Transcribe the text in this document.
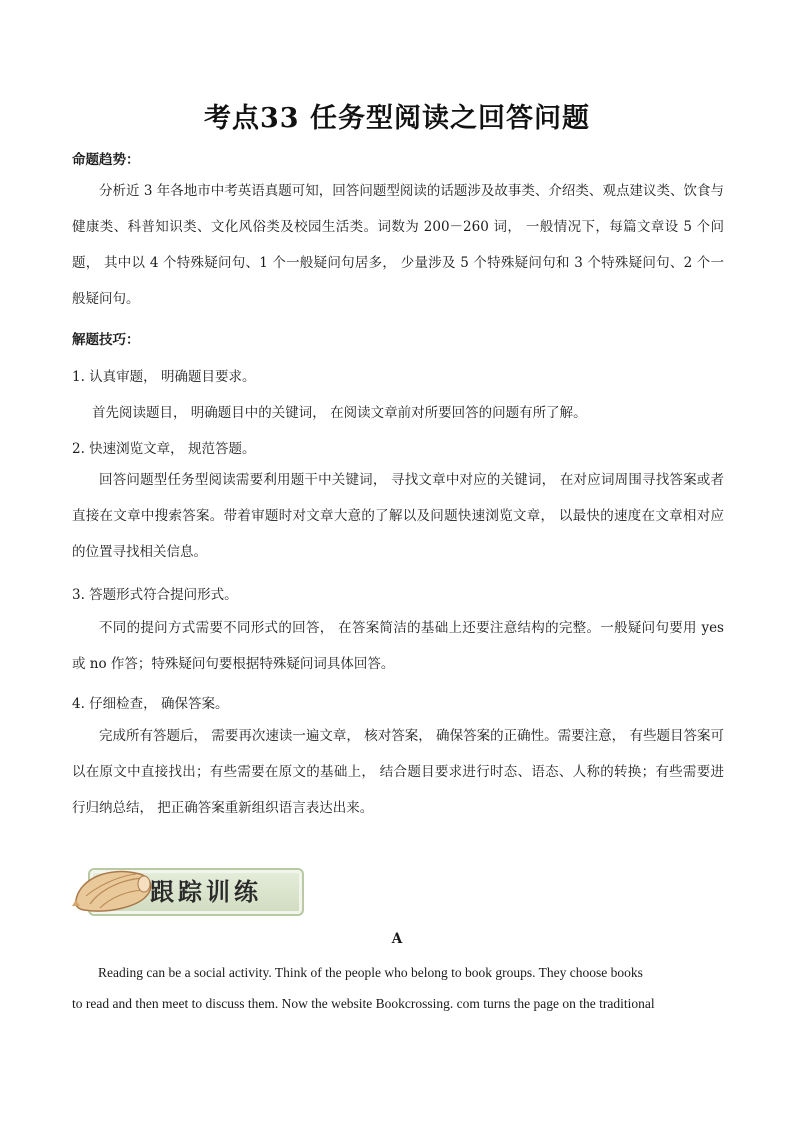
考点33 任务型阅读之回答问题
命题趋势：
分析近 3 年各地市中考英语真题可知，回答问题型阅读的话题涉及故事类、介绍类、观点建议类、饮食与健康类、科普知识类、文化风俗类及校园生活类。词数为 200－260 词， 一般情况下，每篇文章设 5 个问题， 其中以 4 个特殊疑问句、1 个一般疑问句居多， 少量涉及 5 个特殊疑问句和 3 个特殊疑问句、2 个一般疑问句。
解题技巧：
1. 认真审题， 明确题目要求。
首先阅读题目， 明确题目中的关键词， 在阅读文章前对所要回答的问题有所了解。
2. 快速浏览文章， 规范答题。
回答问题型任务型阅读需要利用题干中关键词， 寻找文章中对应的关键词， 在对应词周围寻找答案或者直接在文章中搜索答案。带着审题时对文章大意的了解以及问题快速浏览文章， 以最快的速度在文章相对应的位置寻找相关信息。
3. 答题形式符合提问形式。
不同的提问方式需要不同形式的回答， 在答案简洁的基础上还要注意结构的完整。一般疑问句要用 yes 或 no 作答；特殊疑问句要根据特殊疑问词具体回答。
4. 仔细检查， 确保答案。
完成所有答题后， 需要再次速读一遍文章， 核对答案， 确保答案的正确性。需要注意， 有些题目答案可以在原文中直接找出；有些需要在原文的基础上， 结合题目要求进行时态、语态、人称的转换；有些需要进行归纳总结， 把正确答案重新组织语言表达出来。
跟踪训练
A
Reading can be a social activity. Think of the people who belong to book groups. They choose books
to read and then meet to discuss them. Now the website Bookcrossing. com turns the page on the traditional
